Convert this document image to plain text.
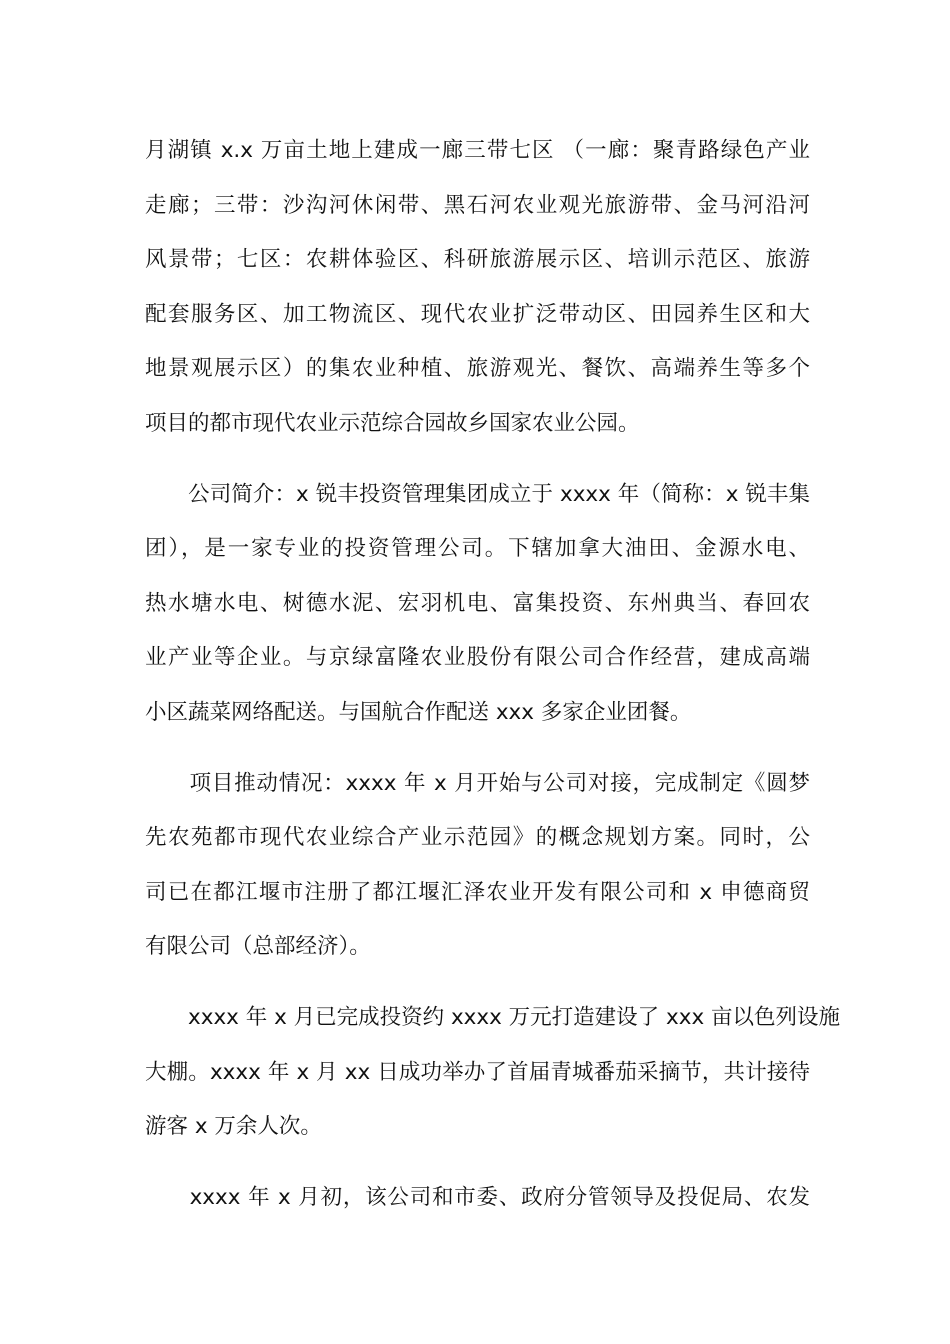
月湖镇 x.x 万亩土地上建成一廊三带七区 （一廊：聚青路绿色产业
走廊；三带：沙沟河休闲带、黑石河农业观光旅游带、金马河沿河
风景带；七区：农耕体验区、科研旅游展示区、培训示范区、旅游
配套服务区、加工物流区、现代农业扩泛带动区、田园养生区和大
地景观展示区）的集农业种植、旅游观光、餐饮、高端养生等多个
项目的都市现代农业示范综合园故乡国家农业公园。
　　公司简介：x 锐丰投资管理集团成立于 xxxx 年（简称：x 锐丰集
团），是一家专业的投资管理公司。下辖加拿大油田、金源水电、
热水塘水电、树德水泥、宏羽机电、富集投资、东州典当、春回农
业产业等企业。与京绿富隆农业股份有限公司合作经营，建成高端
小区蔬菜网络配送。与国航合作配送 xxx 多家企业团餐。
　　项目推动情况：xxxx 年 x 月开始与公司对接，完成制定《圆梦
先农苑都市现代农业综合产业示范园》的概念规划方案。同时，公
司已在都江堰市注册了都江堰汇泽农业开发有限公司和 x 申德商贸
有限公司（总部经济）。
　　xxxx 年 x 月已完成投资约 xxxx 万元打造建设了 xxx 亩以色列设施
大棚。xxxx 年 x 月 xx 日成功举办了首届青城番茄采摘节，共计接待
游客 x 万余人次。
　　xxxx 年 x 月初，该公司和市委、政府分管领导及投促局、农发
